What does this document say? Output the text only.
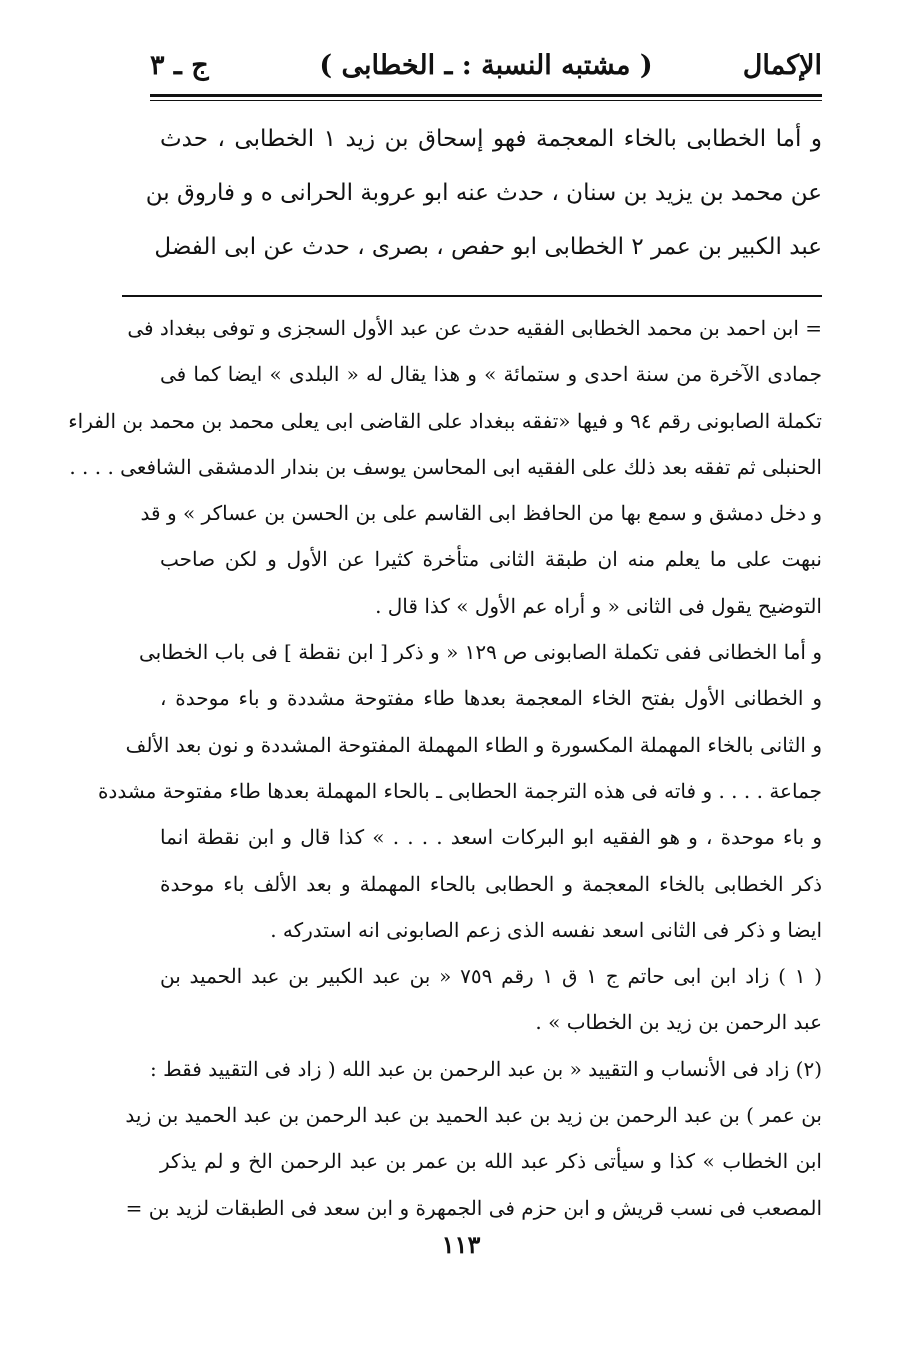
الإكمال
( مشتبه النسبة : ـ الخطابى )
ج ـ ٣
و أما الخطابى بالخاء المعجمة فهو إسحاق بن زيد ١ الخطابى ، حدث
عن محمد بن يزيد بن سنان ، حدث عنه ابو عروبة الحرانى ه و فاروق بن
عبد الكبير بن عمر ٢ الخطابى ابو حفص ، بصرى ، حدث عن ابى الفضل
= ابن احمد بن محمد الخطابى الفقيه حدث عن عبد الأول السجزى و توفى ببغداد فى
جمادى الآخرة من سنة احدى و ستمائة » و هذا يقال له « البلدى » ايضا كما فى
تكملة الصابونى رقم ٩٤ و فيها «تفقه ببغداد على القاضى ابى يعلى محمد بن محمد بن الفراء
الحنبلى ثم تفقه بعد ذلك على الفقيه ابى المحاسن يوسف بن بندار الدمشقى الشافعى . . . .
و دخل دمشق و سمع بها من الحافظ ابى القاسم على بن الحسن بن عساكر » و قد
نبهت على ما يعلم منه ان طبقة الثانى متأخرة كثيرا عن الأول و لكن صاحب
التوضيح يقول فى الثانى « و أراه عم الأول » كذا قال .
و أما الخطانى ففى تكملة الصابونى ص ١٢٩ « و ذكر [ ابن نقطة ] فى باب الخطابى
و الخطانى الأول بفتح الخاء المعجمة بعدها طاء مفتوحة مشددة و باء موحدة ،
و الثانى بالخاء المهملة المكسورة و الطاء المهملة المفتوحة المشددة و نون بعد الألف
جماعة . . . . و فاته فى هذه الترجمة الحطابى ـ بالحاء المهملة بعدها طاء مفتوحة مشددة
و باء موحدة ، و هو الفقيه ابو البركات اسعد . . . . » كذا قال و ابن نقطة انما
ذكر الخطابى بالخاء المعجمة و الحطابى بالحاء المهملة و بعد الألف باء موحدة
ايضا و ذكر فى الثانى اسعد نفسه الذى زعم الصابونى انه استدركه .
( ١ ) زاد ابن ابى حاتم ج ١ ق ١ رقم ٧٥٩ « بن عبد الكبير بن عبد الحميد بن
عبد الرحمن بن زيد بن الخطاب » .
(٢) زاد فى الأنساب و التقييد « بن عبد الرحمن بن عبد الله ( زاد فى التقييد فقط :
بن عمر ) بن عبد الرحمن بن زيد بن عبد الحميد بن عبد الرحمن بن عبد الحميد بن زيد
ابن الخطاب » كذا و سيأتى ذكر عبد الله بن عمر بن عبد الرحمن الخ و لم يذكر
المصعب فى نسب قريش و ابن حزم فى الجمهرة و ابن سعد فى الطبقات لزيد بن =
١١٣
